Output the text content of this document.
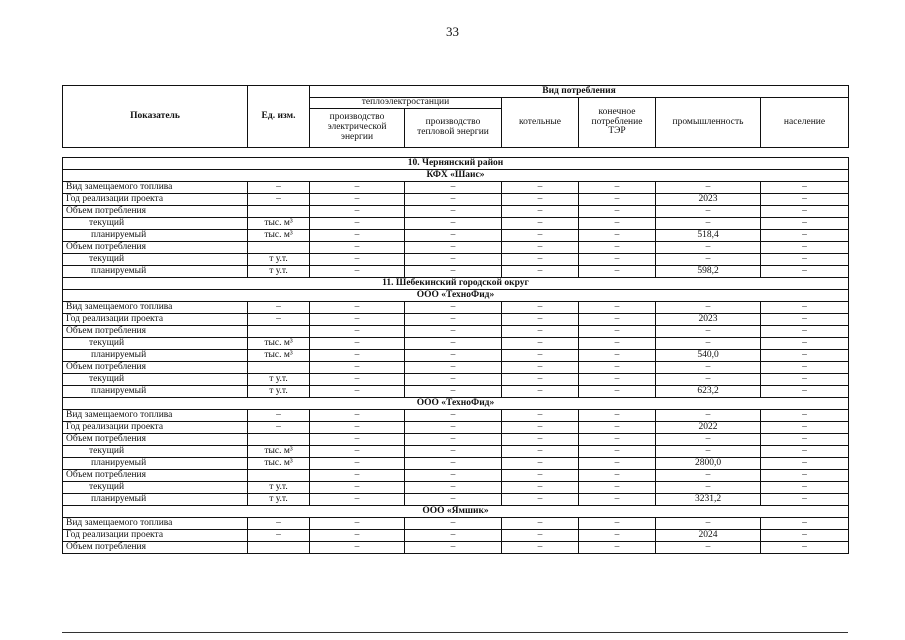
33
Показатель	Ед. изм.	Вид потребления					
		теплоэлектростанции		котельные	конечное потребление ТЭР	промышленность	население
		производство электрической энергии	производство тепловой энергии				

10. Чернянский район							
КФХ «Шаис»							
Вид замещаемого топлива	–	–	–	–	–	–	–
Год реализации проекта	–	–	–	–	–	2023	–
Объем потребления		–	–	–	–	–	–
текущий	тыс. м³	–	–	–	–	–	–
планируемый	тыс. м³	–	–	–	–	518,4	–
Объем потребления		–	–	–	–	–	–
текущий	т у.т.	–	–	–	–	–	–
планируемый	т у.т.	–	–	–	–	598,2	–
11. Шебекинский городской округ							
ООО «ТехноФид»							
Вид замещаемого топлива	–	–	–	–	–	–	–
Год реализации проекта	–	–	–	–	–	2023	–
Объем потребления		–	–	–	–	–	–
текущий	тыс. м³	–	–	–	–	–	–
планируемый	тыс. м³	–	–	–	–	540,0	–
Объем потребления		–	–	–	–	–	–
текущий	т у.т.	–	–	–	–	–	–
планируемый	т у.т.	–	–	–	–	623,2	–
ООО «ТехноФид»							
Вид замещаемого топлива	–	–	–	–	–	–	–
Год реализации проекта	–	–	–	–	–	2022	–
Объем потребления		–	–	–	–	–	–
текущий	тыс. м³	–	–	–	–	–	–
планируемый	тыс. м³	–	–	–	–	2800,0	–
Объем потребления		–	–	–	–	–	–
текущий	т у.т.	–	–	–	–	–	–
планируемый	т у.т.	–	–	–	–	3231,2	–
ООО «Ямшик»							
Вид замещаемого топлива	–	–	–	–	–	–	–
Год реализации проекта	–	–	–	–	–	2024	–
Объем потребления		–	–	–	–	–	–
